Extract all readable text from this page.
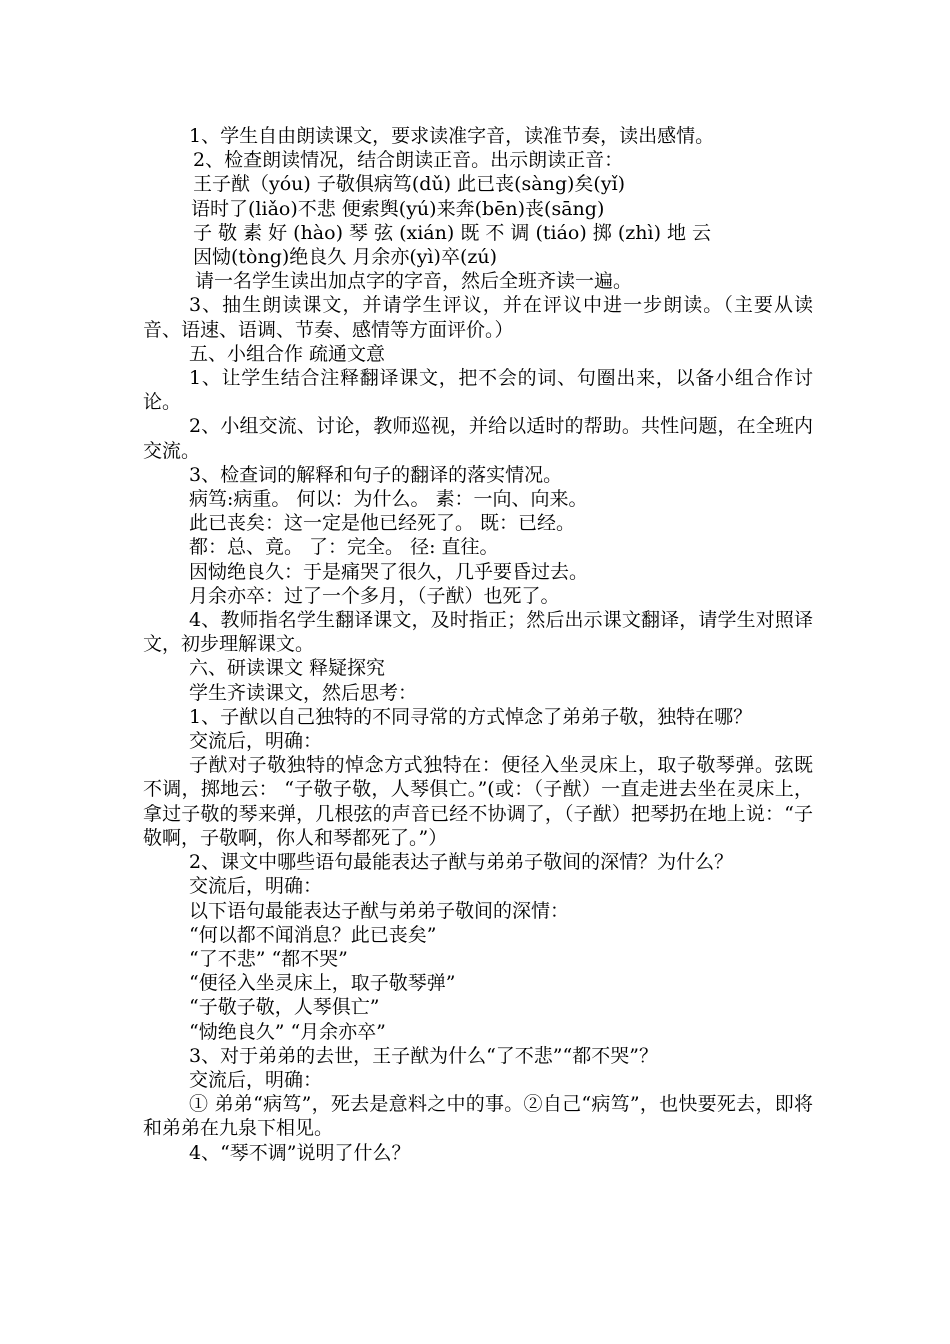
1、学生自由朗读课文，要求读准字音，读准节奏，读出感情。

2、检查朗读情况，结合朗读正音。出示朗读正音：

王子猷（yóu) 子敬俱病笃(dǔ) 此已丧(sàng)矣(yǐ)

语时了(liǎo)不悲 便索舆(yú)来奔(bēn)丧(sāng)

子 敬 素 好 (hào) 琴 弦 (xián) 既 不 调 (tiáo) 掷 (zhì) 地 云

因恸(tòng)绝良久 月余亦(yì)卒(zú)

请一名学生读出加点字的字音，然后全班齐读一遍。

3、抽生朗读课文，并请学生评议，并在评议中进一步朗读。（主要从读音、语速、语调、节奏、感情等方面评价。）

五、小组合作 疏通文意

1、让学生结合注释翻译课文，把不会的词、句圈出来，以备小组合作讨论。

2、小组交流、讨论，教师巡视，并给以适时的帮助。共性问题，在全班内交流。

3、检查词的解释和句子的翻译的落实情况。

病笃:病重。 何以：为什么。 素：一向、向来。

此已丧矣：这一定是他已经死了。 既：已经。

都：总、竟。 了：完全。 径: 直往。

因恸绝良久：于是痛哭了很久，几乎要昏过去。

月余亦卒：过了一个多月，（子猷）也死了。

4、教师指名学生翻译课文，及时指正；然后出示课文翻译，请学生对照译文，初步理解课文。

六、研读课文 释疑探究

学生齐读课文，然后思考：

1、子猷以自己独特的不同寻常的方式悼念了弟弟子敬，独特在哪？

交流后，明确：

子猷对子敬独特的悼念方式独特在：便径入坐灵床上，取子敬琴弹。弦既不调，掷地云： “子敬子敬，人琴俱亡。”(或：（子猷）一直走进去坐在灵床上，拿过子敬的琴来弹，几根弦的声音已经不协调了，（子猷）把琴扔在地上说：“子敬啊，子敬啊，你人和琴都死了。”）

2、课文中哪些语句最能表达子猷与弟弟子敬间的深情？为什么？

交流后，明确：

以下语句最能表达子猷与弟弟子敬间的深情：

“何以都不闻消息？此已丧矣”

“了不悲” “都不哭”

“便径入坐灵床上，取子敬琴弹”

“子敬子敬，人琴俱亡”

“恸绝良久” “月余亦卒”

3、对于弟弟的去世，王子猷为什么“了不悲”“都不哭”？

交流后，明确：

① 弟弟“病笃”，死去是意料之中的事。②自己“病笃”，也快要死去，即将和弟弟在九泉下相见。

4、“琴不调”说明了什么？
